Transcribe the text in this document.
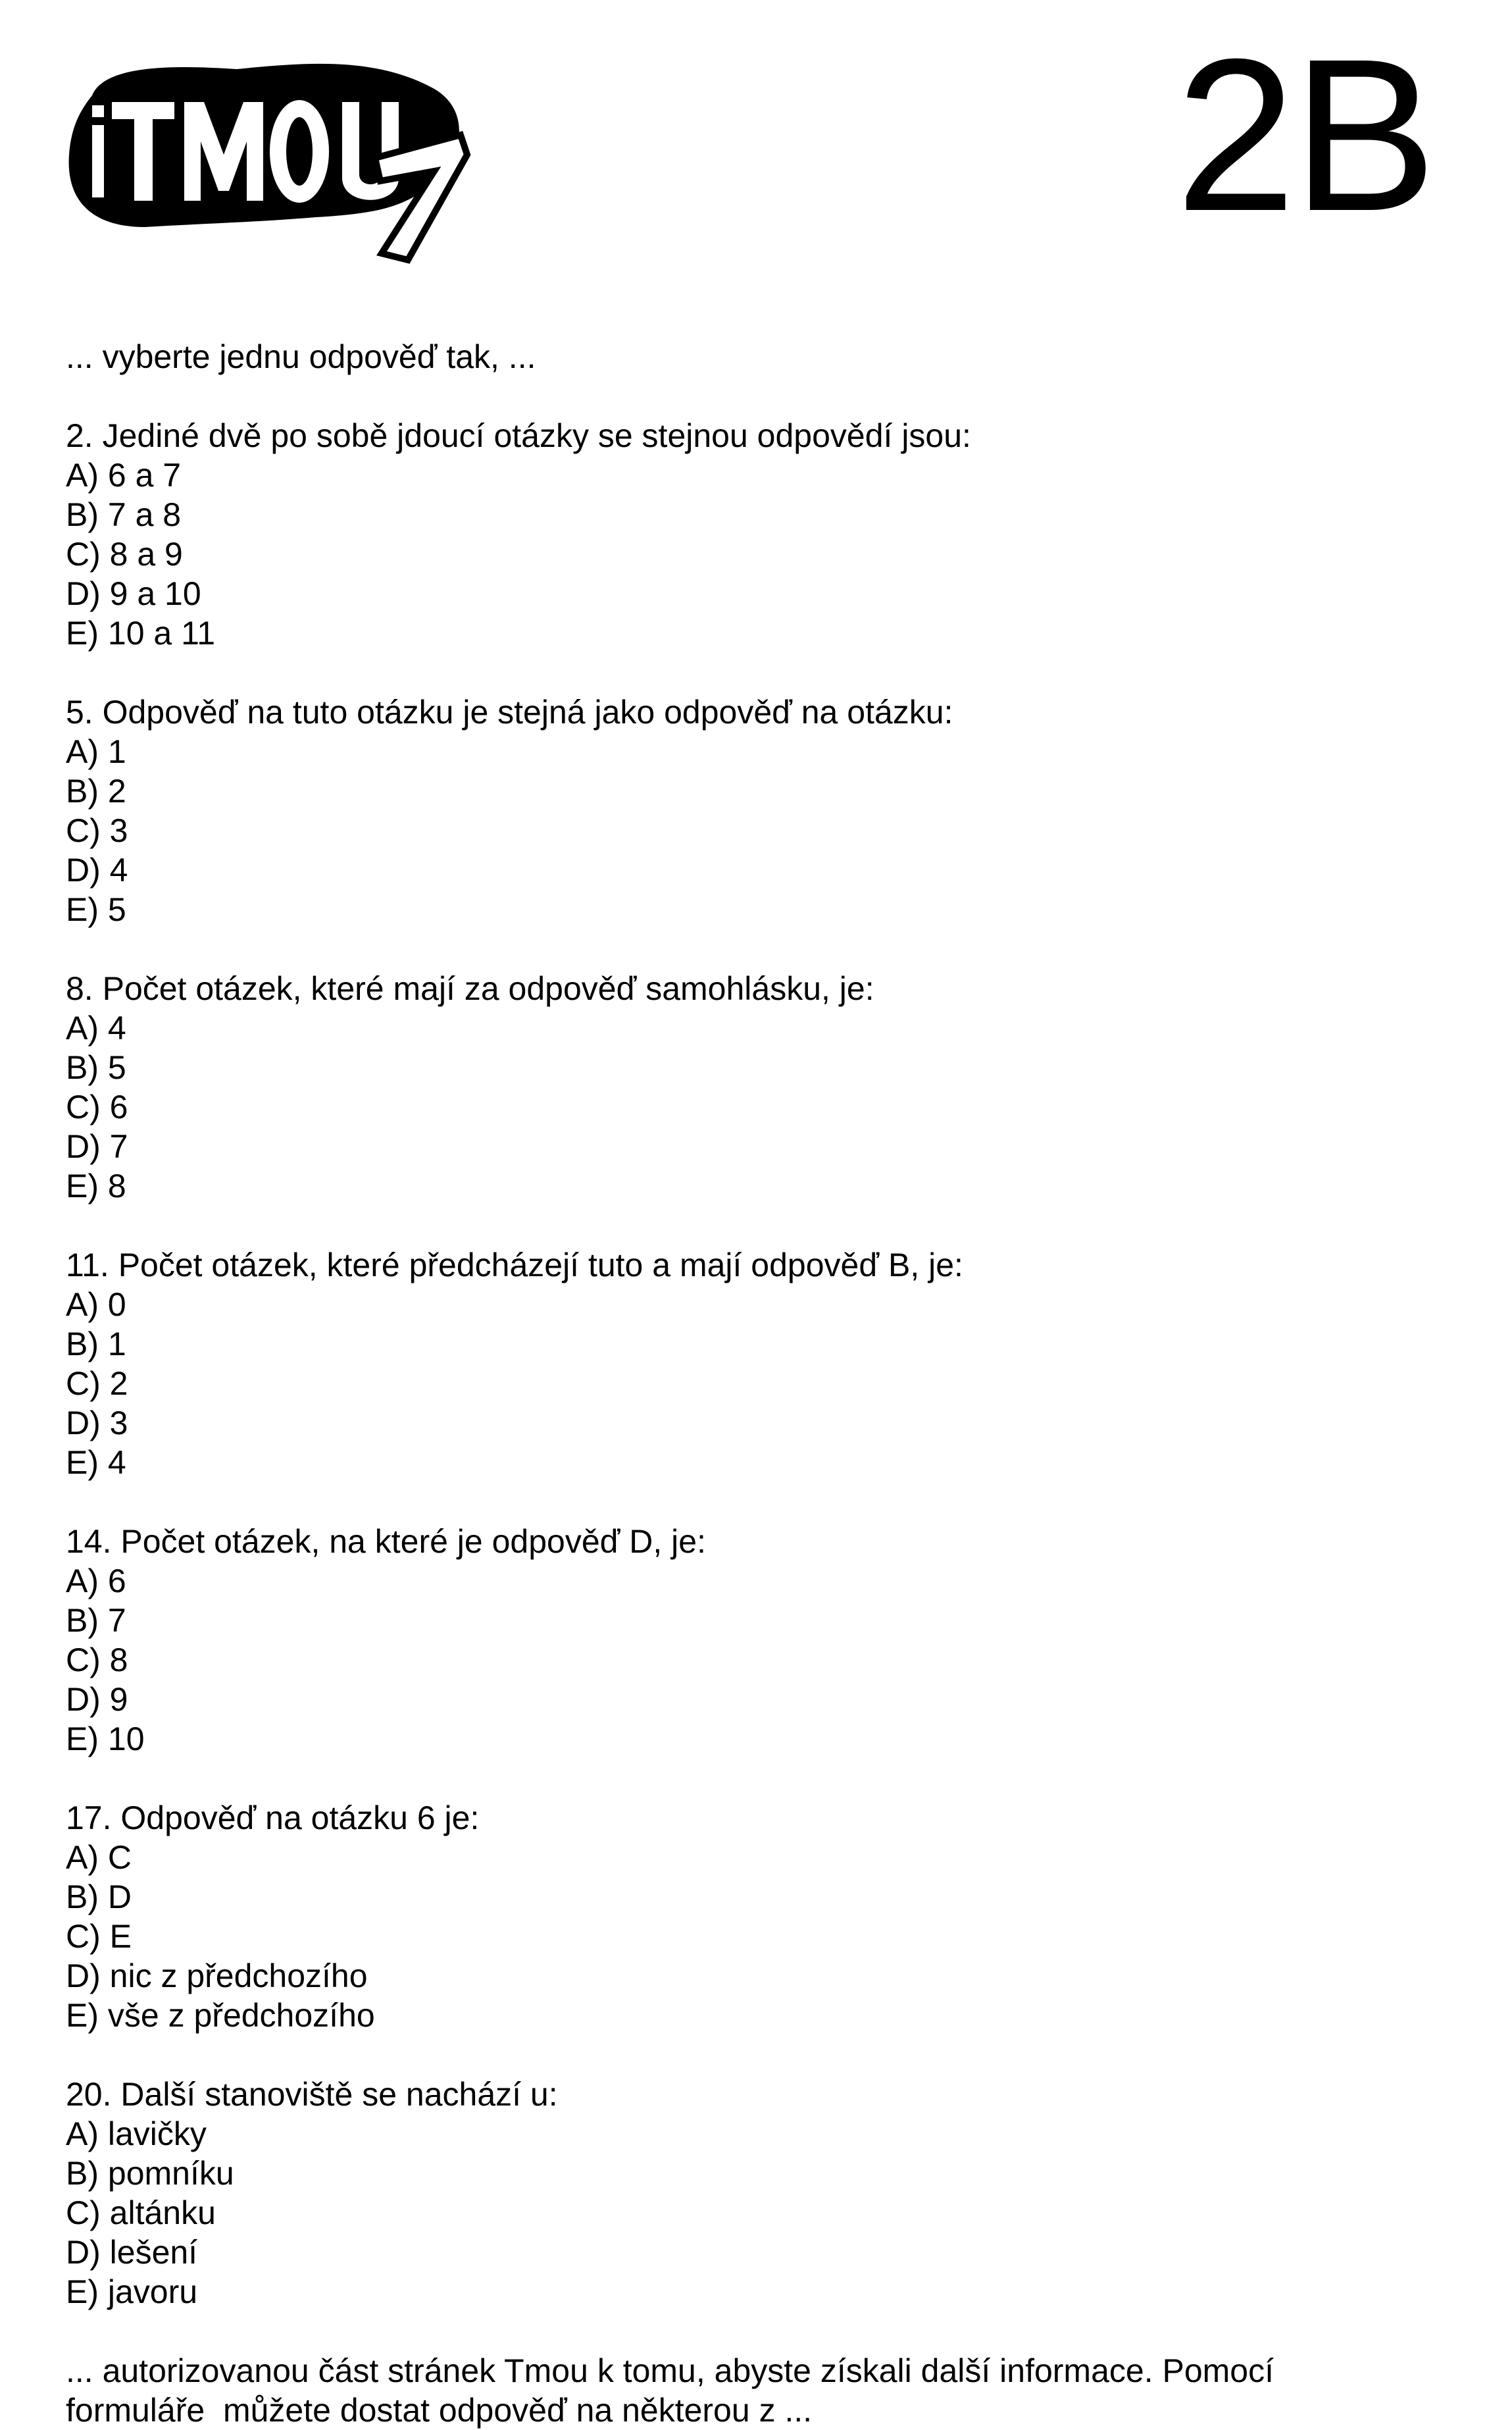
2B

... vyberte jednu odpověď tak, ...

2. Jediné dvě po sobě jdoucí otázky se stejnou odpovědí jsou:
A) 6 a 7
B) 7 a 8
C) 8 a 9
D) 9 a 10
E) 10 a 11
5. Odpověď na tuto otázku je stejná jako odpověď na otázku:
A) 1
B) 2
C) 3
D) 4
E) 5
8. Počet otázek, které mají za odpověď samohlásku, je:
A) 4
B) 5
C) 6
D) 7
E) 8
11. Počet otázek, které předcházejí tuto a mají odpověď B, je:
A) 0
B) 1
C) 2
D) 3
E) 4
14. Počet otázek, na které je odpověď D, je:
A) 6
B) 7
C) 8
D) 9
E) 10
17. Odpověď na otázku 6 je:
A) C
B) D
C) E
D) nic z předchozího
E) vše z předchozího
20. Další stanoviště se nachází u:
A) lavičky
B) pomníku
C) altánku
D) lešení
E) javoru

... autorizovanou část stránek Tmou k tomu, abyste získali další informace. Pomocí
formuláře  můžete dostat odpověď na některou z ...
